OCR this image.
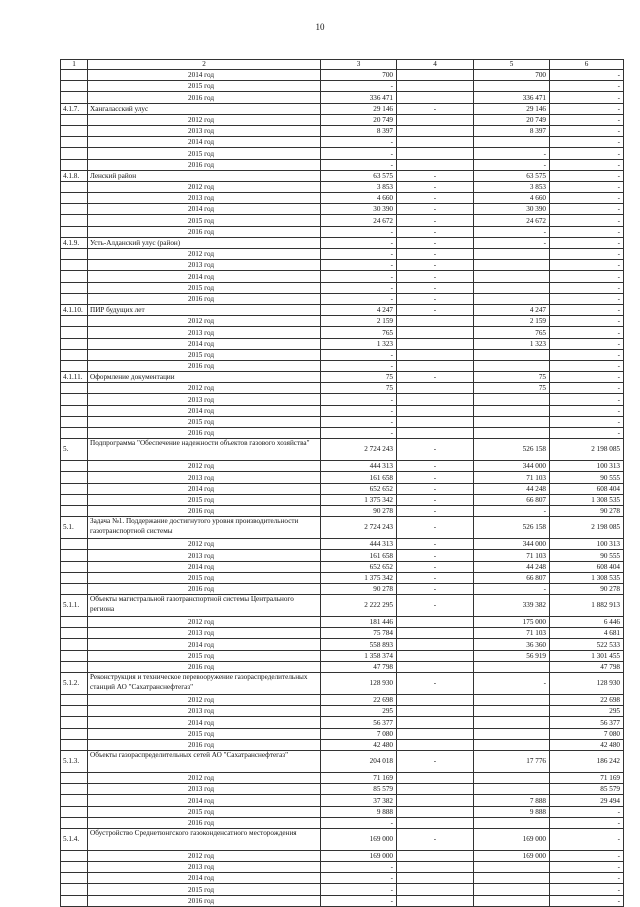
10
1	2	3	4	5	6
	2014 год	700		700	-
	2015 год	-			-
	2016 год	336 471		336 471	-
4.1.7.	Хангаласский улус	29 146	-	29 146	-
	2012 год	20 749		20 749	-
	2013 год	8 397		8 397	-
	2014 год	-			-
	2015 год	-		-	-
	2016 год	-		-	-
4.1.8.	Ленский район	63 575	-	63 575	-
	2012 год	3 853	-	3 853	-
	2013 год	4 660	-	4 660	-
	2014 год	30 390	-	30 390	-
	2015 год	24 672	-	24 672	-
	2016 год	-	-	-	-
4.1.9.	Усть-Алданский улус (район)	-	-	-	-
	2012 год	-	-		-
	2013 год	-	-		-
	2014 год	-	-		-
	2015 год	-	-		-
	2016 год	-	-		-
4.1.10.	ПИР будущих лет	4 247	-	4 247	-
	2012 год	2 159		2 159	-
	2013 год	765		765	-
	2014 год	1 323		1 323	-
	2015 год	-			-
	2016 год	-			-
4.1.11.	Оформление документации	75	-	75	-
	2012 год	75		75	-
	2013 год	-			-
	2014 год	-			-
	2015 год	-			-
	2016 год	-			-
5.	Подпрограмма "Обеспечение надежности объектов газового хозяйства"	2 724 243	-	526 158	2 198 085
	2012 год	444 313	-	344 000	100 313
	2013 год	161 658	-	71 103	90 555
	2014 год	652 652	-	44 248	608 404
	2015 год	1 375 342	-	66 807	1 308 535
	2016 год	90 278	-	-	90 278
5.1.	Задача №1. Поддержание достигнутого уровня производительности газотранспортной системы	2 724 243	-	526 158	2 198 085
	2012 год	444 313	-	344 000	100 313
	2013 год	161 658	-	71 103	90 555
	2014 год	652 652	-	44 248	608 404
	2015 год	1 375 342	-	66 807	1 308 535
	2016 год	90 278	-	-	90 278
5.1.1.	Объекты магистральной газотранспортной системы Центрального региона	2 222 295	-	339 382	1 882 913
	2012 год	181 446		175 000	6 446
	2013 год	75 784		71 103	4 681
	2014 год	558 893		36 360	522 533
	2015 год	1 358 374		56 919	1 301 455
	2016 год	47 798			47 798
5.1.2.	Реконструкция и техническое перевооружение газораспределительных станций АО "Сахатранснефтегаз"	128 930	-	-	128 930
	2012 год	22 698			22 698
	2013 год	295			295
	2014 год	56 377			56 377
	2015 год	7 080			7 080
	2016 год	42 480			42 480
5.1.3.	Объекты газораспределительных сетей АО "Сахатранснефтегаз"	204 018	-	17 776	186 242
	2012 год	71 169			71 169
	2013 год	85 579			85 579
	2014 год	37 382		7 888	29 494
	2015 год	9 888		9 888	-
	2016 год	-			-
5.1.4.	Обустройство Среднетюнгского газоконденсатного месторождения	169 000	-	169 000	-
	2012 год	169 000		169 000	-
	2013 год	-			-
	2014 год	-			-
	2015 год	-			-
	2016 год	-			-
